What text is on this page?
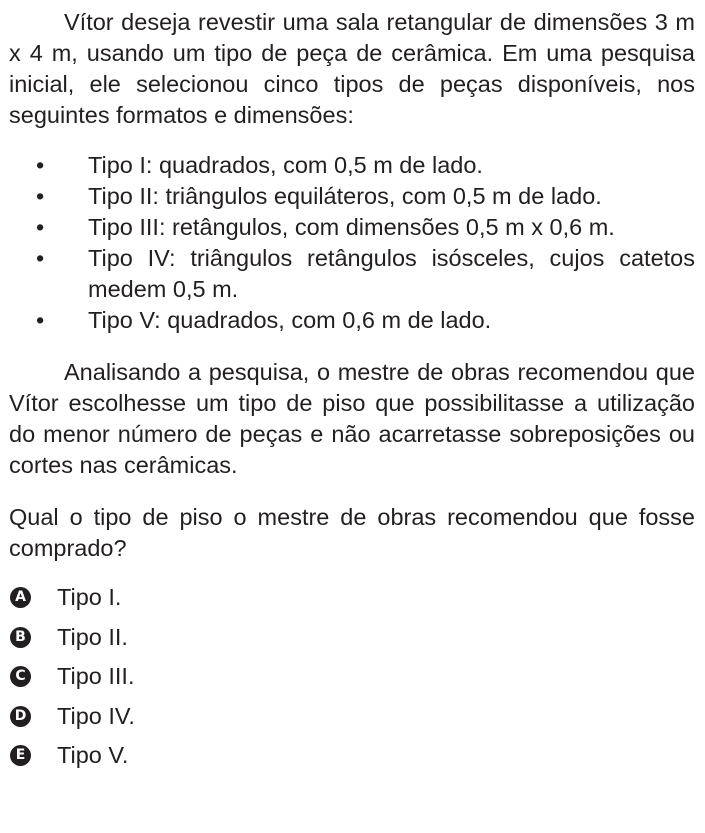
Vítor deseja revestir uma sala retangular de dimensões 3 m x 4 m, usando um tipo de peça de cerâmica. Em uma pesquisa inicial, ele selecionou cinco tipos de peças disponíveis, nos seguintes formatos e dimensões:

• Tipo I: quadrados, com 0,5 m de lado.
• Tipo II: triângulos equiláteros, com 0,5 m de lado.
• Tipo III: retângulos, com dimensões 0,5 m x 0,6 m.
• Tipo IV: triângulos retângulos isósceles, cujos catetos medem 0,5 m.
• Tipo V: quadrados, com 0,6 m de lado.

Analisando a pesquisa, o mestre de obras recomendou que Vítor escolhesse um tipo de piso que possibilitasse a utilização do menor número de peças e não acarretasse sobreposições ou cortes nas cerâmicas.

Qual o tipo de piso o mestre de obras recomendou que fosse comprado?

A Tipo I.
B Tipo II.
C Tipo III.
D Tipo IV.
E Tipo V.
